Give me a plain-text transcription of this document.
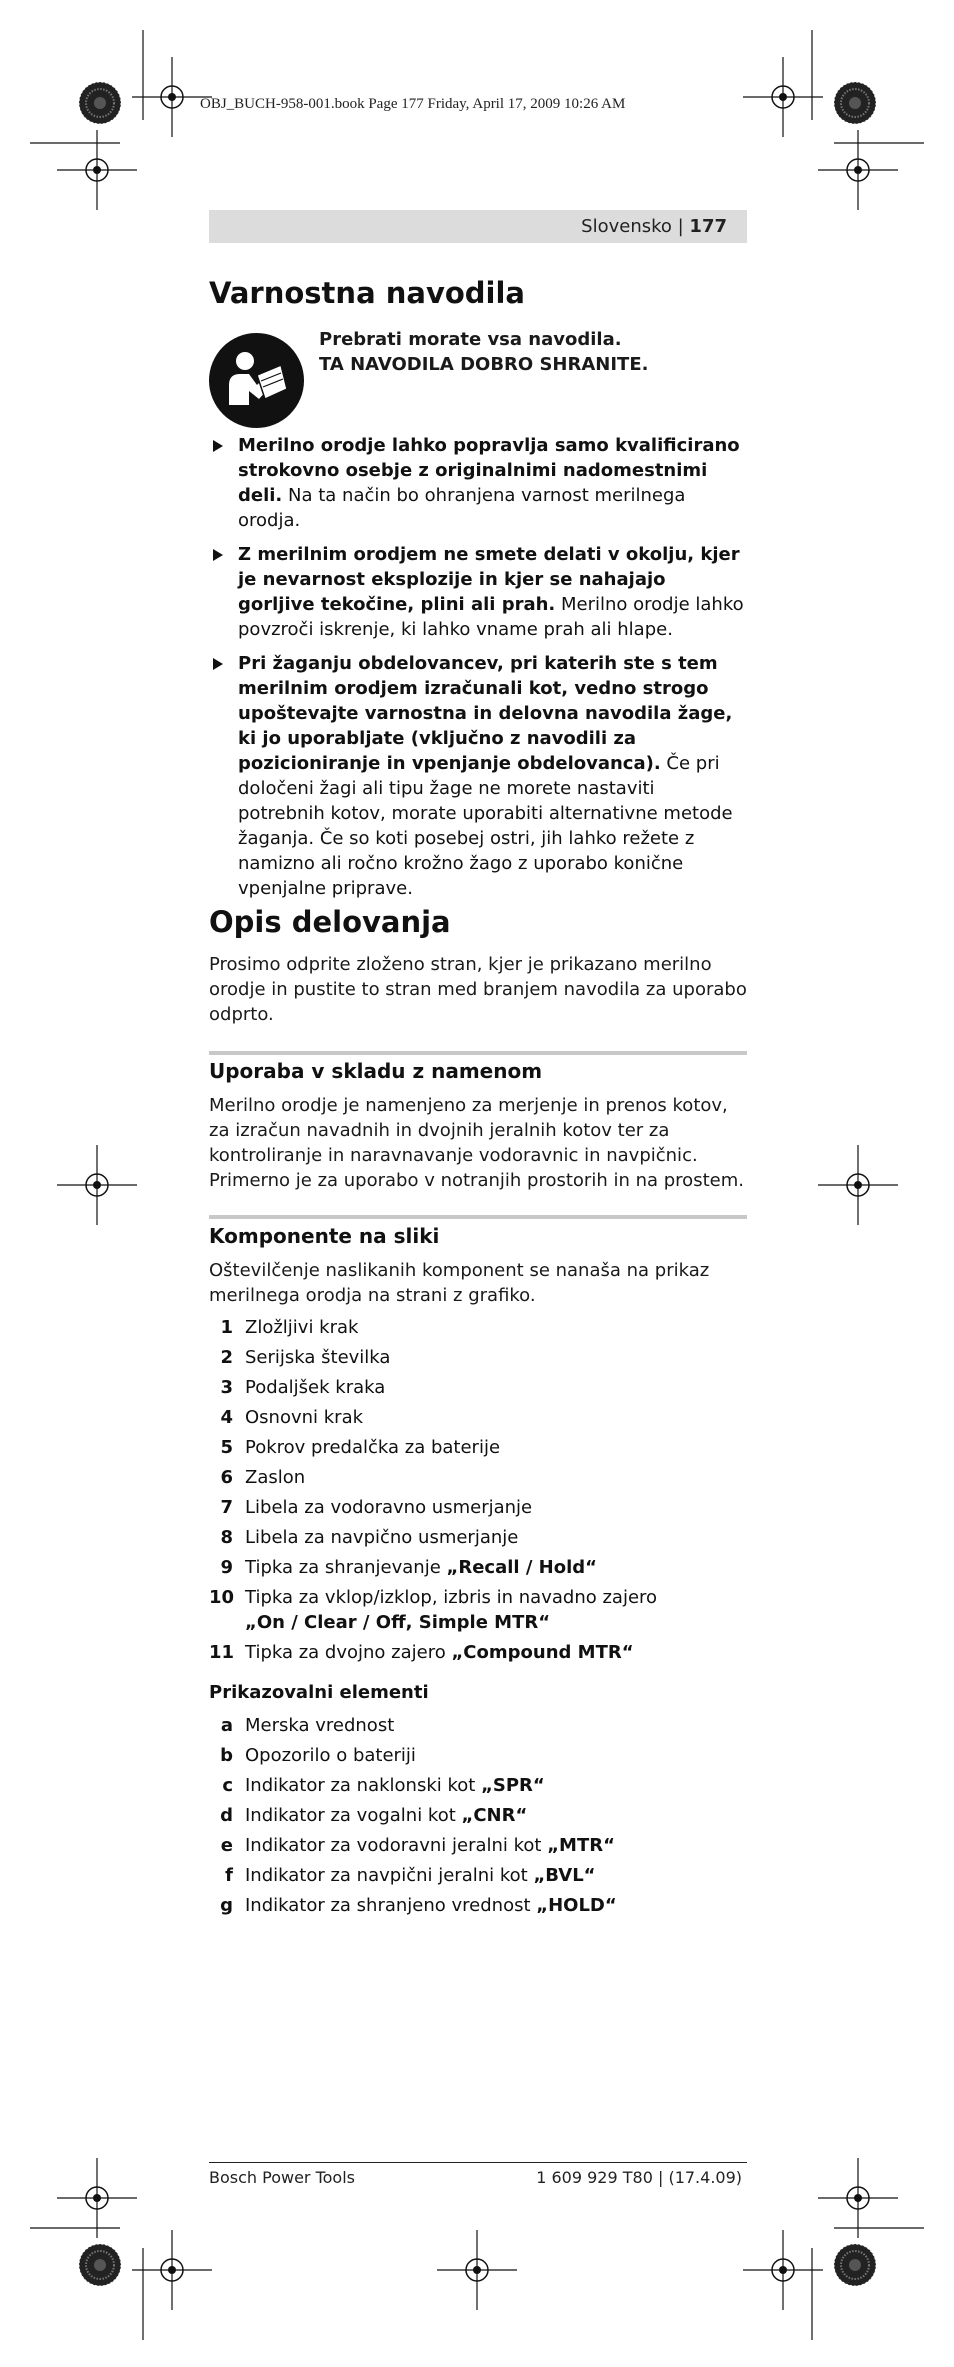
OBJ_BUCH-958-001.book Page 177 Friday, April 17, 2009 10:26 AM
Slovensko | 177
Varnostna navodila
Prebrati morate vsa navodila.
TA NAVODILA DOBRO SHRANITE.
Merilno orodje lahko popravlja samo kvalificirano strokovno osebje z originalnimi nadomestnimi deli. Na ta način bo ohranjena varnost merilnega orodja.
Z merilnim orodjem ne smete delati v okolju, kjer je nevarnost eksplozije in kjer se nahajajo gorljive tekočine, plini ali prah. Merilno orodje lahko povzroči iskrenje, ki lahko vname prah ali hlape.
Pri žaganju obdelovancev, pri katerih ste s tem merilnim orodjem izračunali kot, vedno strogo upoštevajte varnostna in delovna navodila žage, ki jo uporabljate (vključno z navodili za pozicioniranje in vpenjanje obdelovanca). Če pri določeni žagi ali tipu žage ne morete nastaviti potrebnih kotov, morate uporabiti alternativne metode žaganja. Če so koti posebej ostri, jih lahko režete z namizno ali ročno krožno žago z uporabo konične vpenjalne priprave.
Opis delovanja
Prosimo odprite zloženo stran, kjer je prikazano merilno orodje in pustite to stran med branjem navodila za uporabo odprto.
Uporaba v skladu z namenom
Merilno orodje je namenjeno za merjenje in prenos kotov, za izračun navadnih in dvojnih jeralnih kotov ter za kontroliranje in naravnavanje vodoravnic in navpičnic. Primerno je za uporabo v notranjih prostorih in na prostem.
Komponente na sliki
Oštevilčenje naslikanih komponent se nanaša na prikaz merilnega orodja na strani z grafiko.
1 Zložljivi krak
2 Serijska številka
3 Podaljšek kraka
4 Osnovni krak
5 Pokrov predalčka za baterije
6 Zaslon
7 Libela za vodoravno usmerjanje
8 Libela za navpično usmerjanje
9 Tipka za shranjevanje „Recall / Hold“
10 Tipka za vklop/izklop, izbris in navadno zajero
„On / Clear / Off, Simple MTR“
11 Tipka za dvojno zajero „Compound MTR“
Prikazovalni elementi
a Merska vrednost
b Opozorilo o bateriji
c Indikator za naklonski kot „SPR“
d Indikator za vogalni kot „CNR“
e Indikator za vodoravni jeralni kot „MTR“
f Indikator za navpični jeralni kot „BVL“
g Indikator za shranjeno vrednost „HOLD“
Bosch Power Tools	1 609 929 T80 | (17.4.09)
